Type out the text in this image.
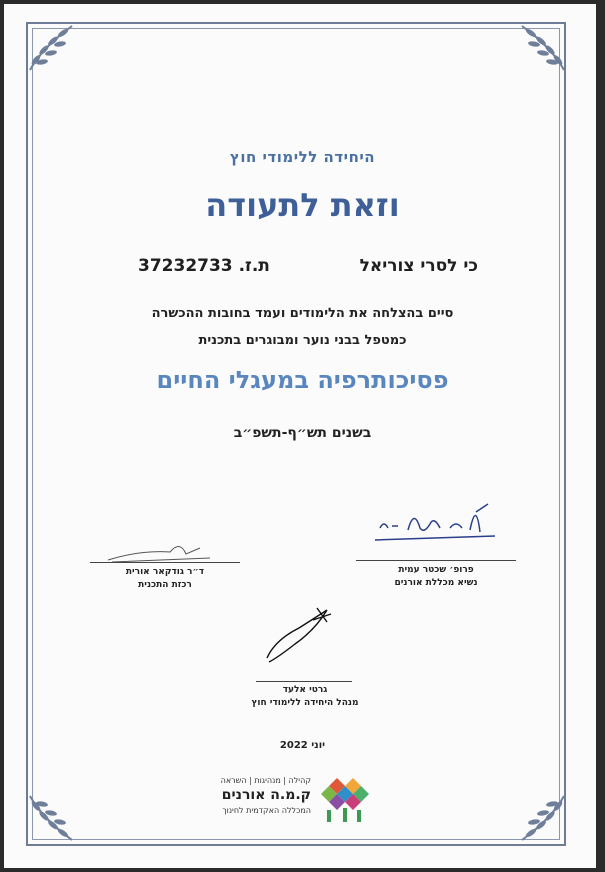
היחידה ללימודי חוץ
וזאת לתעודה
כי לסרי צוריאל
ת.ז. 37232733
סיים בהצלחה את הלימודים ועמד בחובות ההכשרה
כמטפל בבני נוער ומבוגרים בתכנית
פסיכותרפיה במעגלי החיים
בשנים תש״ף-תשפ״ב
פרופ׳ שכטר עמית
נשיא מכללת אורנים
ד״ר גודקאר אורית
רכזת התכנית
גרטי אלעד
מנהל היחידה ללימודי חוץ
יוני 2022
קהילה | מנהיגות | השראה
ק.מ.ה אורנים
המכללה האקדמית לחינוך
